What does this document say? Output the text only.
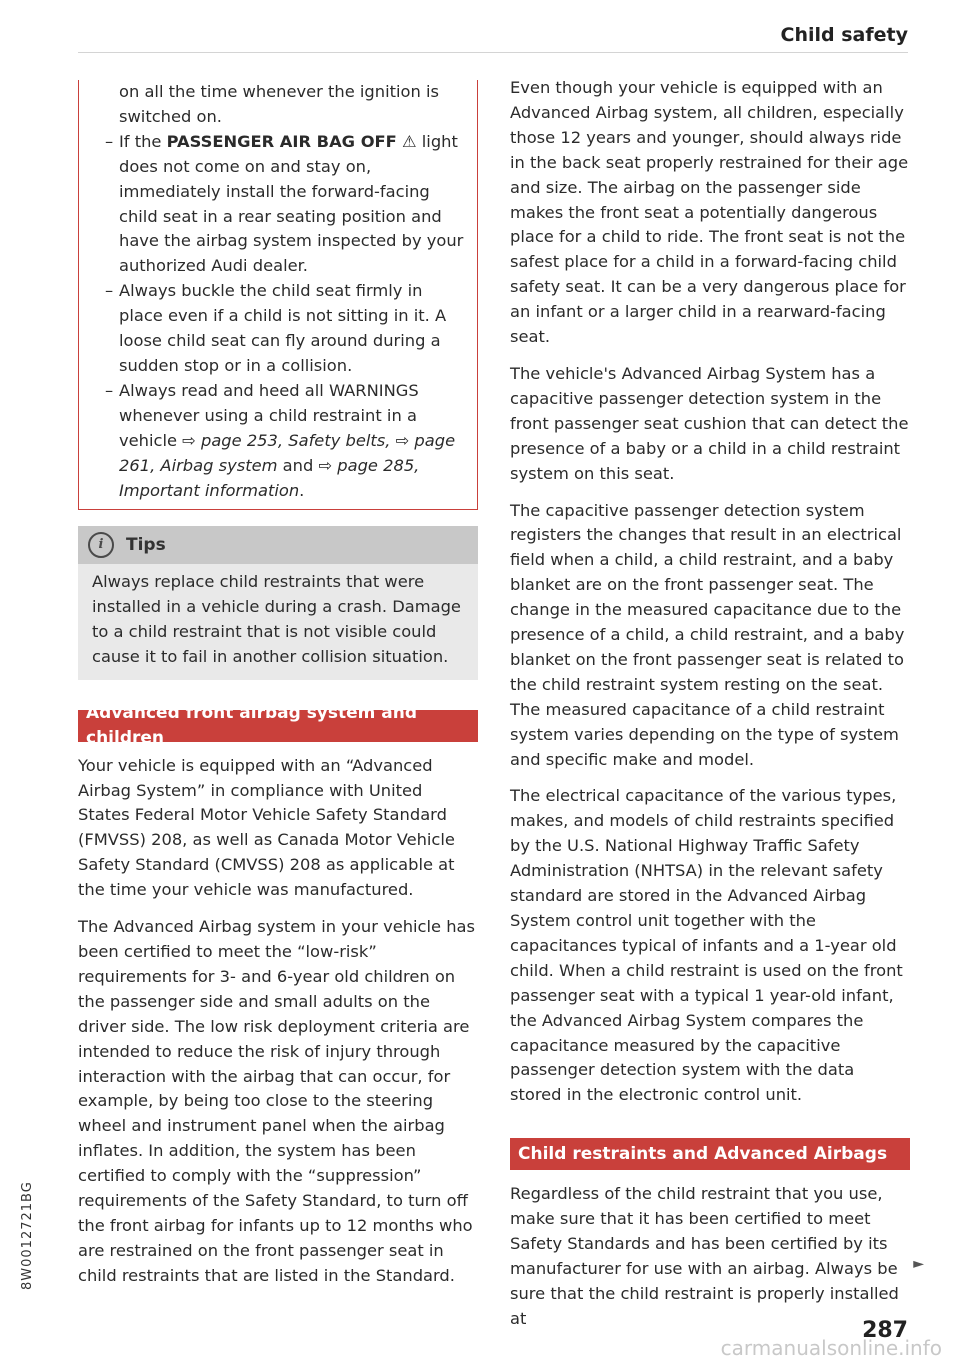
Child safety
8W0012721BG

on all the time whenever the ignition is switched on.

– If the PASSENGER AIR BAG OFF ⚠ light does not come on and stay on, immediately install the forward-facing child seat in a rear seating position and have the airbag system inspected by your authorized Audi dealer.

– Always buckle the child seat firmly in place even if a child is not sitting in it. A loose child seat can fly around during a sudden stop or in a collision.

– Always read and heed all WARNINGS whenever using a child restraint in a vehicle ⇨ page 253, Safety belts, ⇨ page 261, Airbag system and ⇨ page 285, Important information.

i	Tips
Always replace child restraints that were installed in a vehicle during a crash. Damage to a child restraint that is not visible could cause it to fail in another collision situation.
Advanced front airbag system and children

Your vehicle is equipped with an “Advanced Airbag System” in compliance with United States Federal Motor Vehicle Safety Standard (FMVSS) 208, as well as Canada Motor Vehicle Safety Standard (CMVSS) 208 as applicable at the time your vehicle was manufactured.

The Advanced Airbag system in your vehicle has been certified to meet the “low-risk” requirements for 3- and 6-year old children on the passenger side and small adults on the driver side. The low risk deployment criteria are intended to reduce the risk of injury through interaction with the airbag that can occur, for example, by being too close to the steering wheel and instrument panel when the airbag inflates. In addition, the system has been certified to comply with the “suppression” requirements of the Safety Standard, to turn off the front airbag for infants up to 12 months who are restrained on the front passenger seat in child restraints that are listed in the Standard.

Even though your vehicle is equipped with an Advanced Airbag system, all children, especially those 12 years and younger, should always ride in the back seat properly restrained for their age and size. The airbag on the passenger side makes the front seat a potentially dangerous place for a child to ride. The front seat is not the safest place for a child in a forward-facing child safety seat. It can be a very dangerous place for an infant or a larger child in a rearward-facing seat.

The vehicle's Advanced Airbag System has a capacitive passenger detection system in the front passenger seat cushion that can detect the presence of a baby or a child in a child restraint system on this seat.

The capacitive passenger detection system registers the changes that result in an electrical field when a child, a child restraint, and a baby blanket are on the front passenger seat. The change in the measured capacitance due to the presence of a child, a child restraint, and a baby blanket on the front passenger seat is related to the child restraint system resting on the seat. The measured capacitance of a child restraint system varies depending on the type of system and specific make and model.

The electrical capacitance of the various types, makes, and models of child restraints specified by the U.S. National Highway Traffic Safety Administration (NHTSA) in the relevant safety standard are stored in the Advanced Airbag System control unit together with the capacitances typical of infants and a 1-year old child. When a child restraint is used on the front passenger seat with a typical 1 year-old infant, the Advanced Airbag System compares the capacitance measured by the capacitive passenger detection system with the data stored in the electronic control unit.

Child restraints and Advanced Airbags

Regardless of the child restraint that you use, make sure that it has been certified to meet Safety Standards and has been certified by its manufacturer for use with an airbag. Always be sure that the child restraint is properly installed at

►
287
carmanualsonline.info
